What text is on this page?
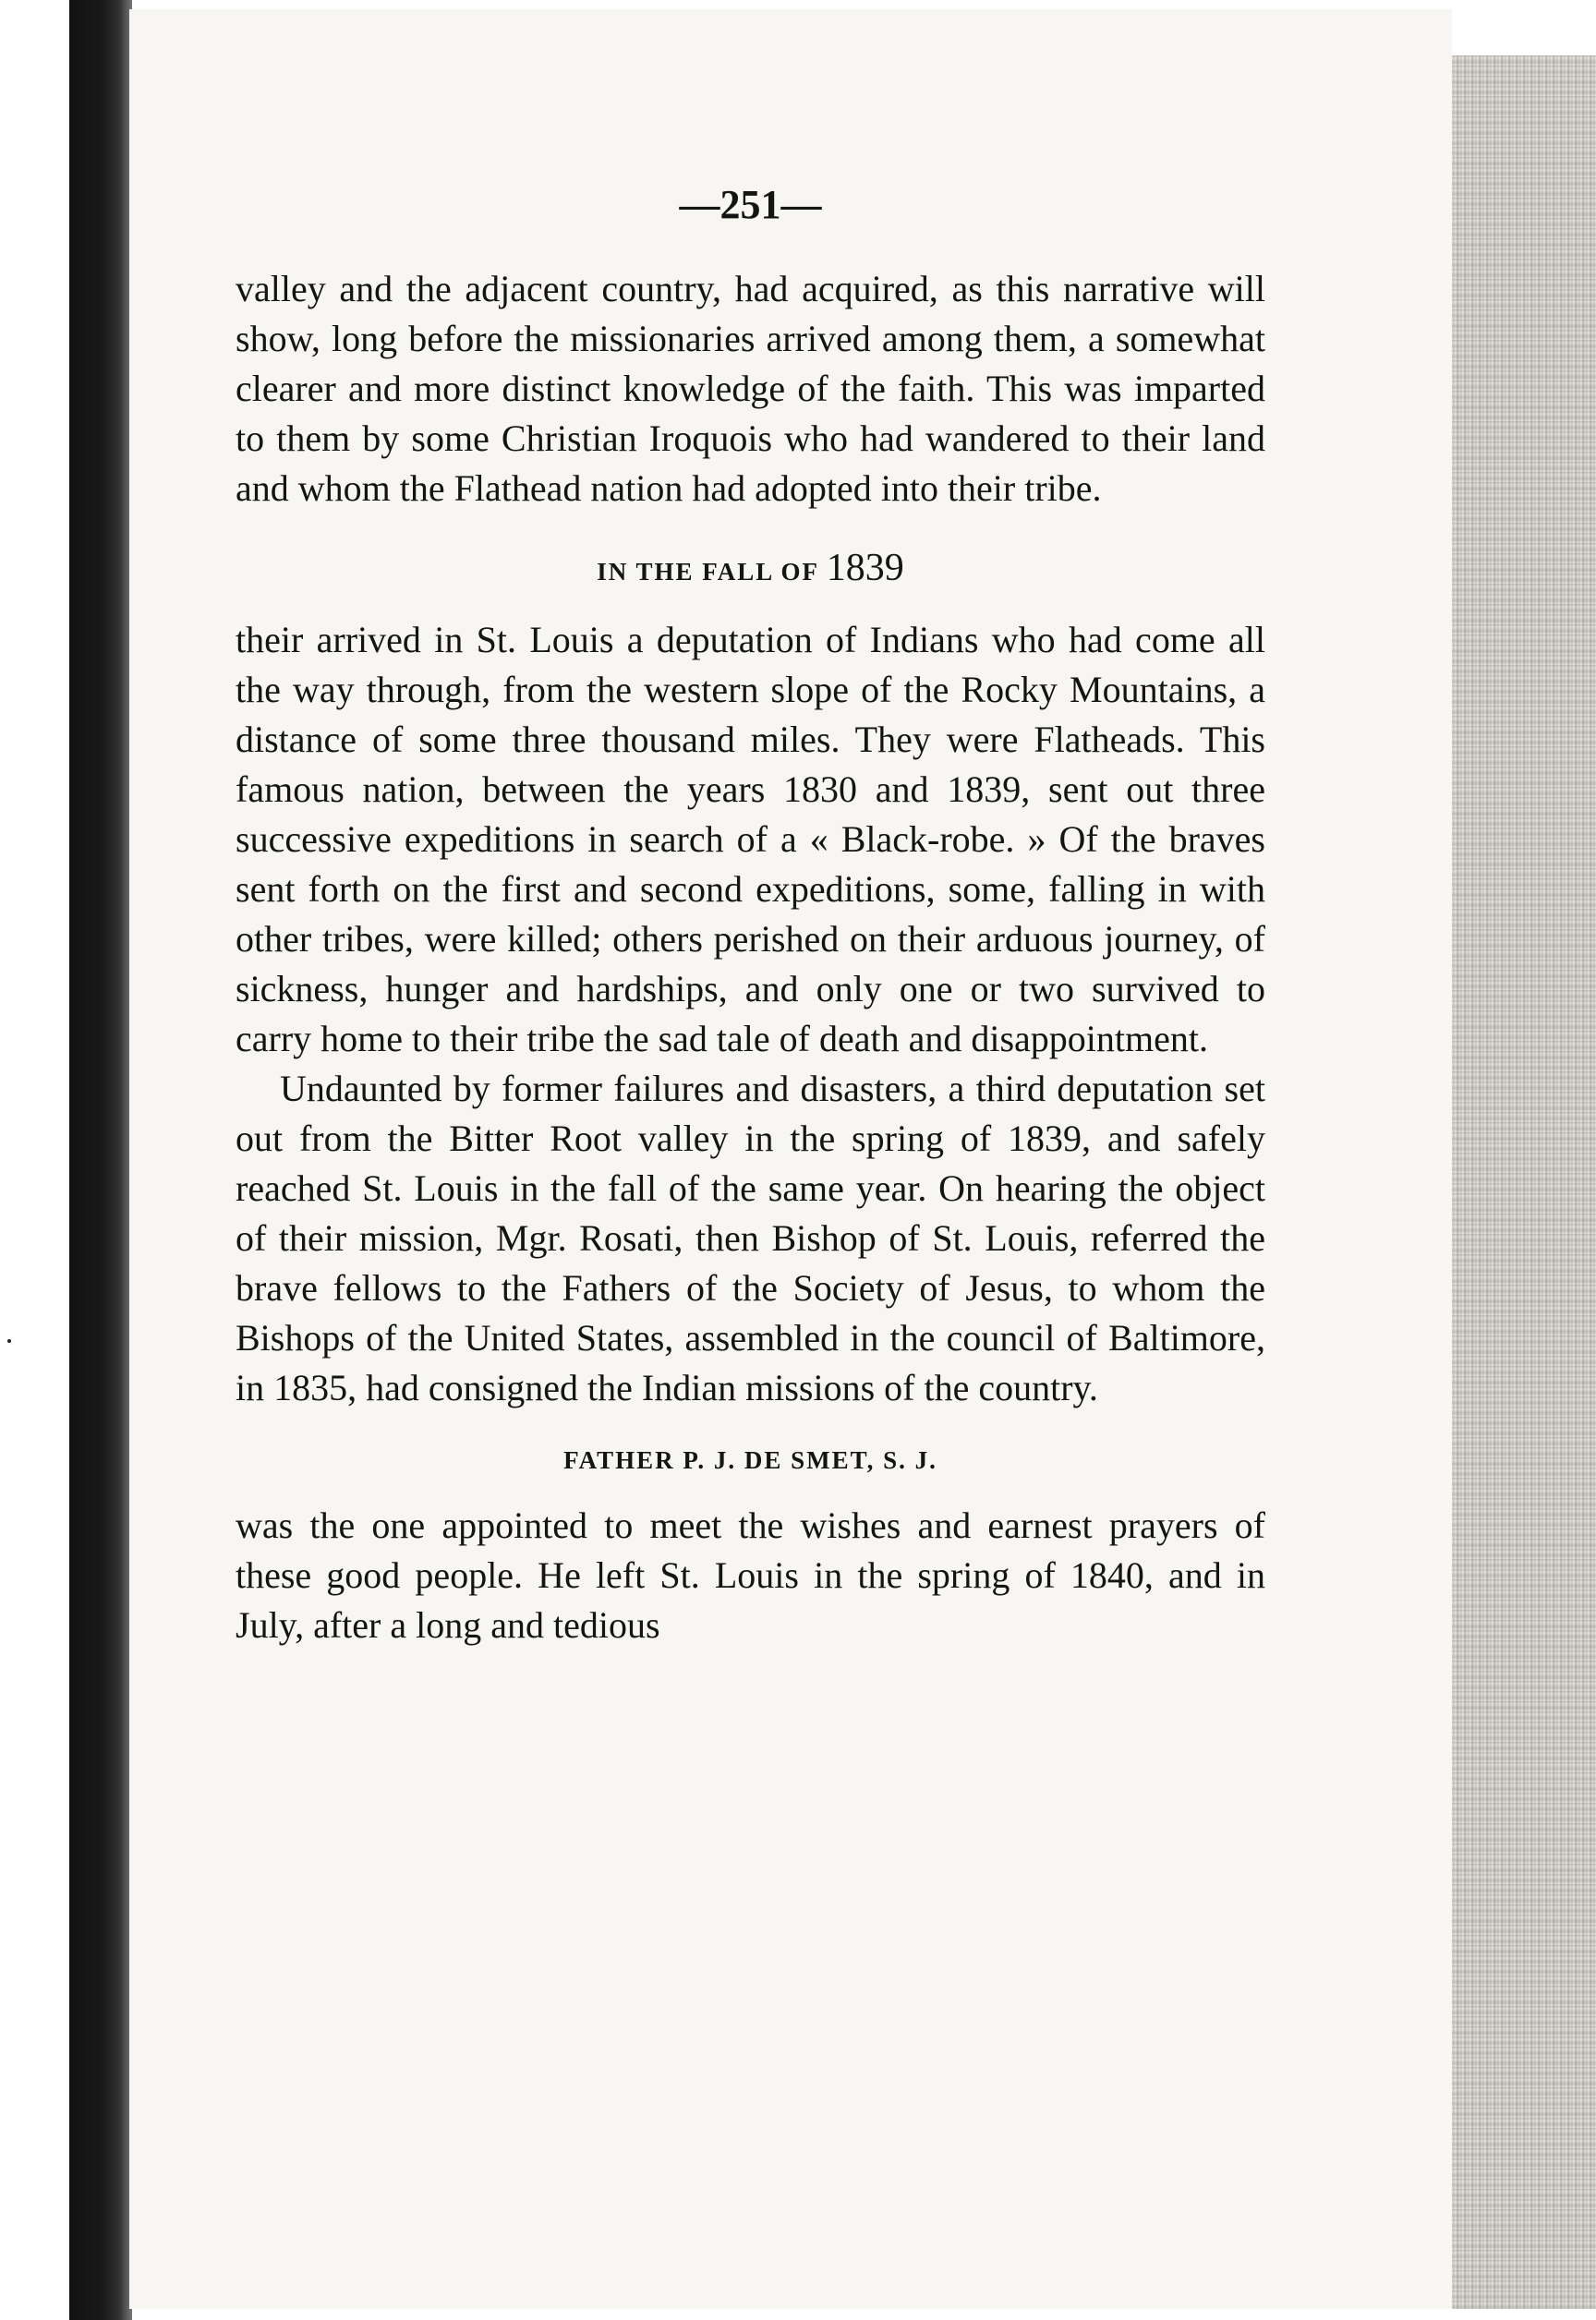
—251—

valley and the adjacent country, had acquired, as this narrative will show, long before the missionaries arrived among them, a somewhat clearer and more distinct knowledge of the faith. This was imparted to them by some Christian Iroquois who had wandered to their land and whom the Flathead nation had adopted into their tribe.

IN THE FALL OF 1839

their arrived in St. Louis a deputation of Indians who had come all the way through, from the western slope of the Rocky Mountains, a distance of some three thousand miles. They were Flatheads. This famous nation, between the years 1830 and 1839, sent out three successive expeditions in search of a « Black-robe. » Of the braves sent forth on the first and second expeditions, some, falling in with other tribes, were killed; others perished on their arduous journey, of sickness, hunger and hardships, and only one or two survived to carry home to their tribe the sad tale of death and disappointment.

Undaunted by former failures and disasters, a third deputation set out from the Bitter Root valley in the spring of 1839, and safely reached St. Louis in the fall of the same year. On hearing the object of their mission, Mgr. Rosati, then Bishop of St. Louis, referred the brave fellows to the Fathers of the Society of Jesus, to whom the Bishops of the United States, assembled in the council of Baltimore, in 1835, had consigned the Indian missions of the country.

FATHER P. J. DE SMET, S. J.

was the one appointed to meet the wishes and earnest prayers of these good people. He left St. Louis in the spring of 1840, and in July, after a long and tedious
